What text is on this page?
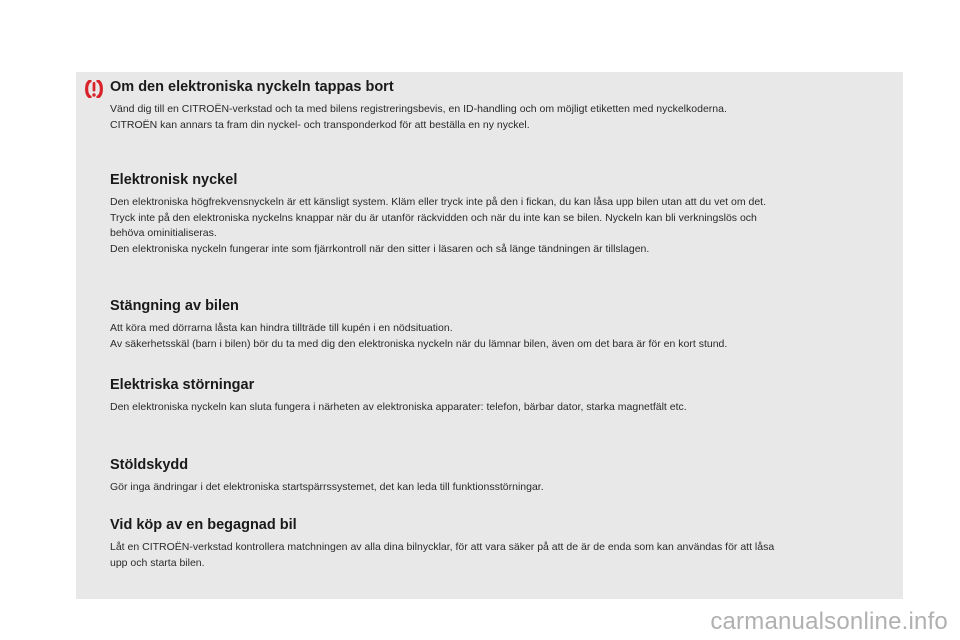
Om den elektroniska nyckeln tappas bort

Vänd dig till en CITROËN-verkstad och ta med bilens registreringsbevis, en ID-handling och om möjligt etiketten med nyckelkoderna.

CITROËN kan annars ta fram din nyckel- och transponderkod för att beställa en ny nyckel.

Elektronisk nyckel

Den elektroniska högfrekvensnyckeln är ett känsligt system. Kläm eller tryck inte på den i fickan, du kan låsa upp bilen utan att du vet om det.

Tryck inte på den elektroniska nyckelns knappar när du är utanför räckvidden och när du inte kan se bilen. Nyckeln kan bli verkningslös och

behöva ominitialiseras.

Den elektroniska nyckeln fungerar inte som fjärrkontroll när den sitter i läsaren och så länge tändningen är tillslagen.

Stängning av bilen

Att köra med dörrarna låsta kan hindra tillträde till kupén i en nödsituation.

Av säkerhetsskäl (barn i bilen) bör du ta med dig den elektroniska nyckeln när du lämnar bilen, även om det bara är för en kort stund.

Elektriska störningar

Den elektroniska nyckeln kan sluta fungera i närheten av elektroniska apparater: telefon, bärbar dator, starka magnetfält etc.

Stöldskydd

Gör inga ändringar i det elektroniska startspärrssystemet, det kan leda till funktionsstörningar.

Vid köp av en begagnad bil

Låt en CITROËN-verkstad kontrollera matchningen av alla dina bilnycklar, för att vara säker på att de är de enda som kan användas för att låsa

upp och starta bilen.

carmanualsonline.info
